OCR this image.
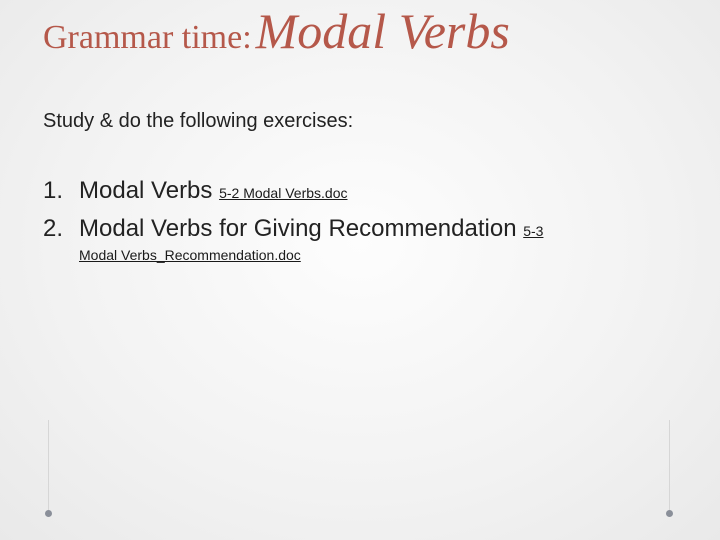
Grammar time: Modal Verbs
Study & do the following exercises:
1. Modal Verbs 5-2 Modal Verbs.doc
2. Modal Verbs for Giving Recommendation 5-3
Modal Verbs_Recommendation.doc
